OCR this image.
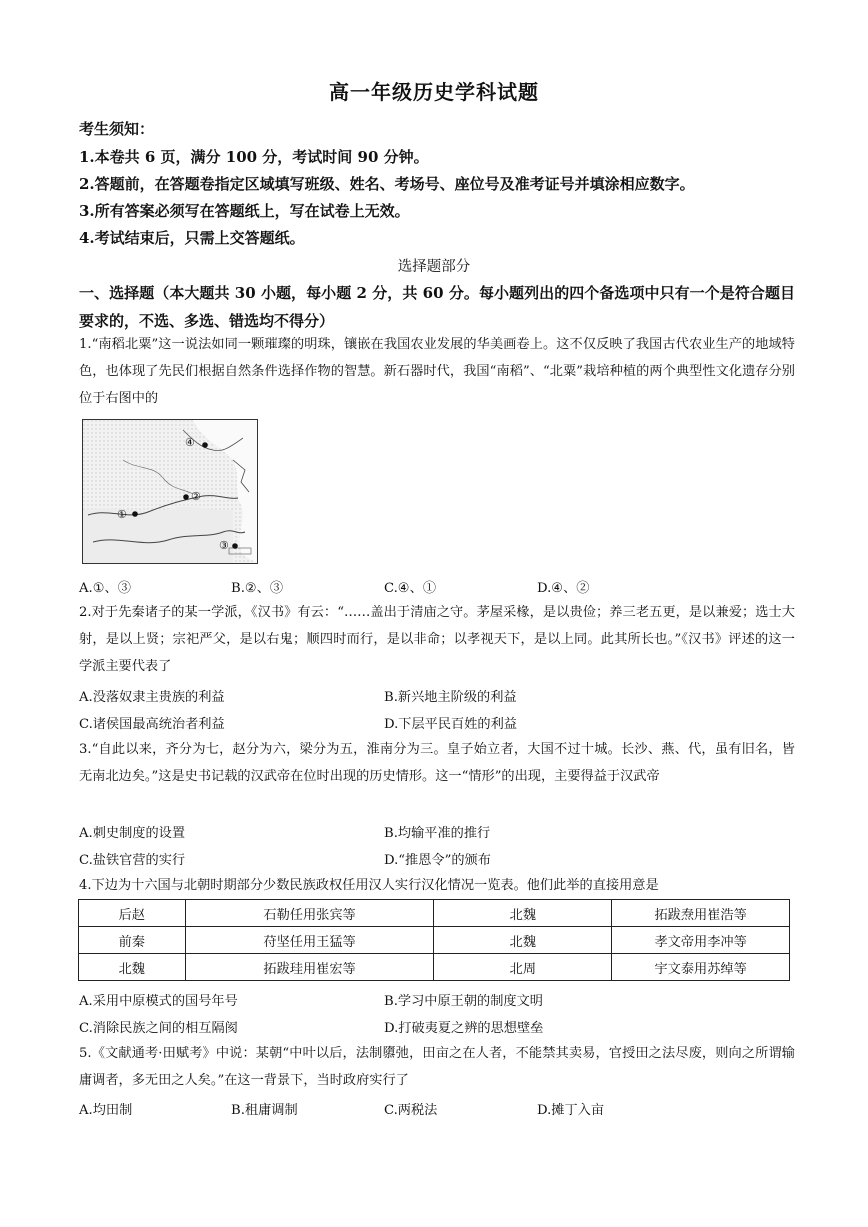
高一年级历史学科试题
考生须知：
1.本卷共 6 页，满分 100 分，考试时间 90 分钟。
2.答题前，在答题卷指定区域填写班级、姓名、考场号、座位号及准考证号并填涂相应数字。
3.所有答案必须写在答题纸上，写在试卷上无效。
4.考试结束后，只需上交答题纸。
选择题部分
一、选择题（本大题共 30 小题，每小题 2 分，共 60 分。每小题列出的四个备选项中只有一个是符合题目要求的，不选、多选、错选均不得分）
1.“南稻北粟”这一说法如同一颗璀璨的明珠，镶嵌在我国农业发展的华美画卷上。这不仅反映了我国古代农业生产的地域特色，也体现了先民们根据自然条件选择作物的智慧。新石器时代，我国“南稻”、“北粟”栽培种植的两个典型性文化遗存分别位于右图中的
④
②
①
③
A.①、③	B.②、③	C.④、①	D.④、②
2.对于先秦诸子的某一学派，《汉书》有云：“……盖出于清庙之守。茅屋采椽，是以贵俭；养三老五更，是以兼爱；选士大射，是以上贤；宗祀严父，是以右鬼；顺四时而行，是以非命；以孝视天下，是以上同。此其所长也。”《汉书》评述的这一学派主要代表了
A.没落奴隶主贵族的利益	B.新兴地主阶级的利益
C.诸侯国最高统治者利益	D.下层平民百姓的利益
3.“自此以来，齐分为七，赵分为六，梁分为五，淮南分为三。皇子始立者，大国不过十城。长沙、燕、代，虽有旧名，皆无南北边矣。”这是史书记载的汉武帝在位时出现的历史情形。这一“情形”的出现，主要得益于汉武帝
A.刺史制度的设置	B.均输平准的推行
C.盐铁官营的实行	D.“推恩令”的颁布
4.下边为十六国与北朝时期部分少数民族政权任用汉人实行汉化情况一览表。他们此举的直接用意是
后赵	石勒任用张宾等	北魏	拓跋焘用崔浩等
前秦	苻坚任用王猛等	北魏	孝文帝用李冲等
北魏	拓跋珪用崔宏等	北周	宇文泰用苏绰等
A.采用中原模式的国号年号	B.学习中原王朝的制度文明
C.消除民族之间的相互隔阂	D.打破夷夏之辨的思想壁垒
5.《文献通考·田赋考》中说：某朝“中叶以后，法制隳弛，田亩之在人者，不能禁其卖易，官授田之法尽废，则向之所谓输庸调者，多无田之人矣。”在这一背景下，当时政府实行了
A.均田制	B.租庸调制	C.两税法	D.摊丁入亩
